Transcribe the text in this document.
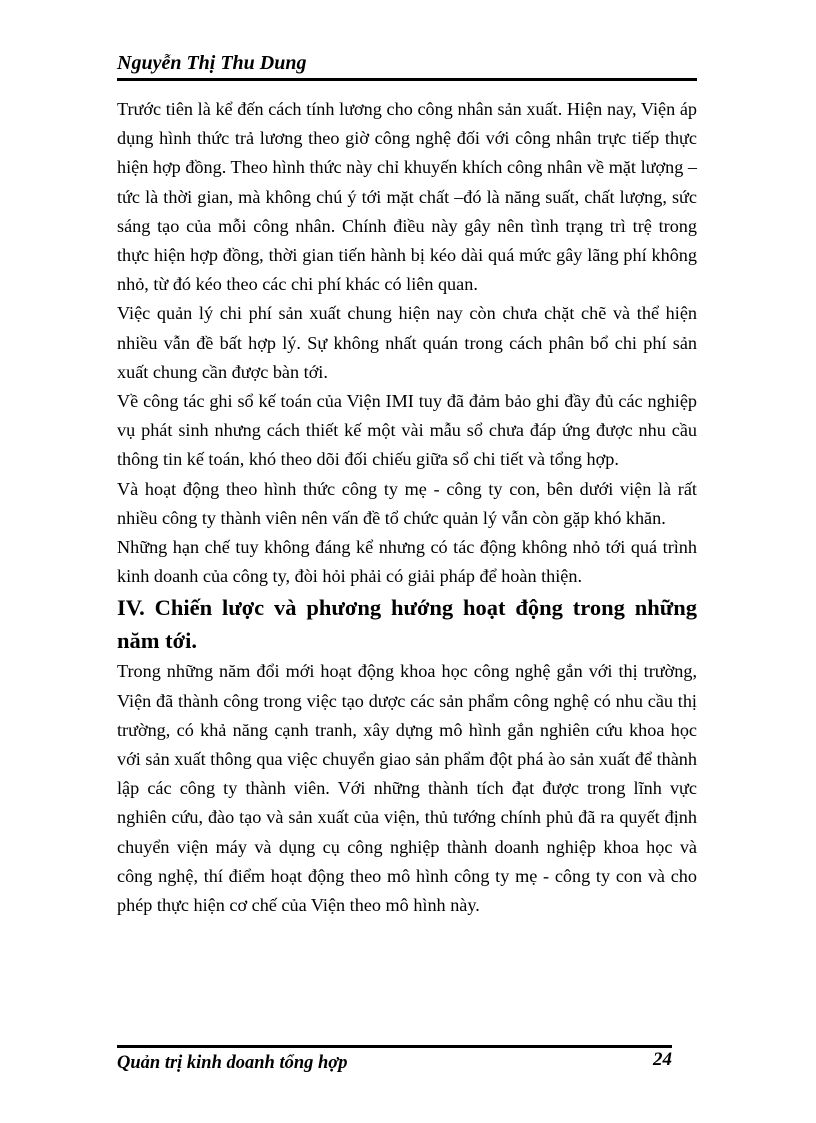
Nguyễn Thị Thu Dung

Trước tiên là kể đến cách tính lương cho công nhân sản xuất. Hiện nay, Viện áp dụng hình thức trả lương theo giờ công nghệ đối với công nhân trực tiếp thực hiện hợp đồng. Theo hình thức này chỉ khuyến khích công nhân về mặt lượng –tức là thời gian, mà không chú ý tới mặt chất –đó là năng suất, chất lượng, sức sáng tạo của mỗi công nhân. Chính điều này gây nên tình trạng trì trệ trong thực hiện hợp đồng, thời gian tiến hành bị kéo dài quá mức gây lãng phí không nhỏ, từ đó kéo theo các chi phí khác có liên quan.

Việc quản lý chi phí sản xuất chung hiện nay còn chưa chặt chẽ và thể hiện nhiều vẫn đề bất hợp lý. Sự không nhất quán trong cách phân bổ chi phí sản xuất chung cần được bàn tới.

Về công tác ghi sổ kế toán của Viện IMI tuy đã đảm bảo ghi đầy đủ các nghiệp vụ phát sinh nhưng cách thiết kế một vài mẫu sổ chưa đáp ứng được nhu cầu thông tin kế toán, khó theo dõi đối chiếu giữa sổ chi tiết và tổng hợp.

Và hoạt động theo hình thức công ty mẹ - công ty con, bên dưới viện là rất nhiều công ty thành viên nên vấn đề tổ chức quản lý vẫn còn gặp khó khăn.

Những hạn chế tuy không đáng kể nhưng có tác động không nhỏ tới quá trình kinh doanh của công ty, đòi hỏi phải có giải pháp để hoàn thiện.

IV. Chiến lược và phương hướng hoạt động trong những năm tới.

Trong những năm đổi mới hoạt động khoa học công nghệ gắn với thị trường, Viện đã thành công trong việc tạo dược các sản phẩm công nghệ có nhu cầu thị trường, có khả năng cạnh tranh, xây dựng mô hình gắn nghiên cứu khoa học với sản xuất thông qua việc chuyển giao sản phẩm đột phá ào sản xuất để thành lập các công ty thành viên. Với những thành tích đạt được trong lĩnh vực nghiên cứu, đào tạo và sản xuất của viện, thủ tướng chính phủ đã ra quyết định chuyển viện máy và dụng cụ công nghiệp thành doanh nghiệp khoa học và công nghệ, thí điểm hoạt động theo mô hình công ty mẹ - công ty con và cho phép thực hiện cơ chế của Viện theo mô hình này.

Quản trị kinh doanh tổng hợp	24
